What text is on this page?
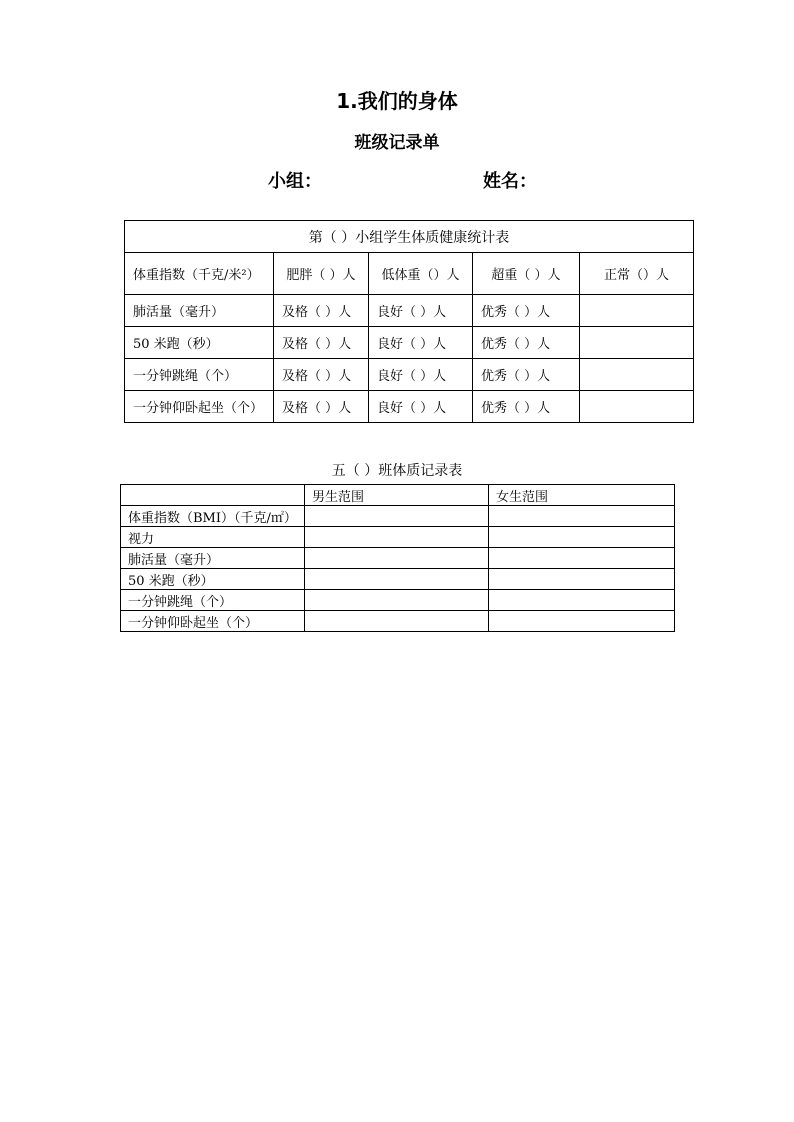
1.我们的身体
班级记录单
小组：	姓名：
第（ ）小组学生体质健康统计表				
体重指数（千克/米²）	肥胖（ ）人	低体重（）人	超重（ ）人	正常（）人
肺活量（毫升）	及格（ ）人	良好（ ）人	优秀（ ）人	
50 米跑（秒）	及格（ ）人	良好（ ）人	优秀（ ）人	
一分钟跳绳（个）	及格（ ）人	良好（ ）人	优秀（ ）人	
一分钟仰卧起坐（个）	及格（ ）人	良好（ ）人	优秀（ ）人	
五（ ）班体质记录表
	男生范围	女生范围
体重指数（BMI）（千克/㎡）		
视力		
肺活量（毫升）		
50 米跑（秒）		
一分钟跳绳（个）		
一分钟仰卧起坐（个）		
